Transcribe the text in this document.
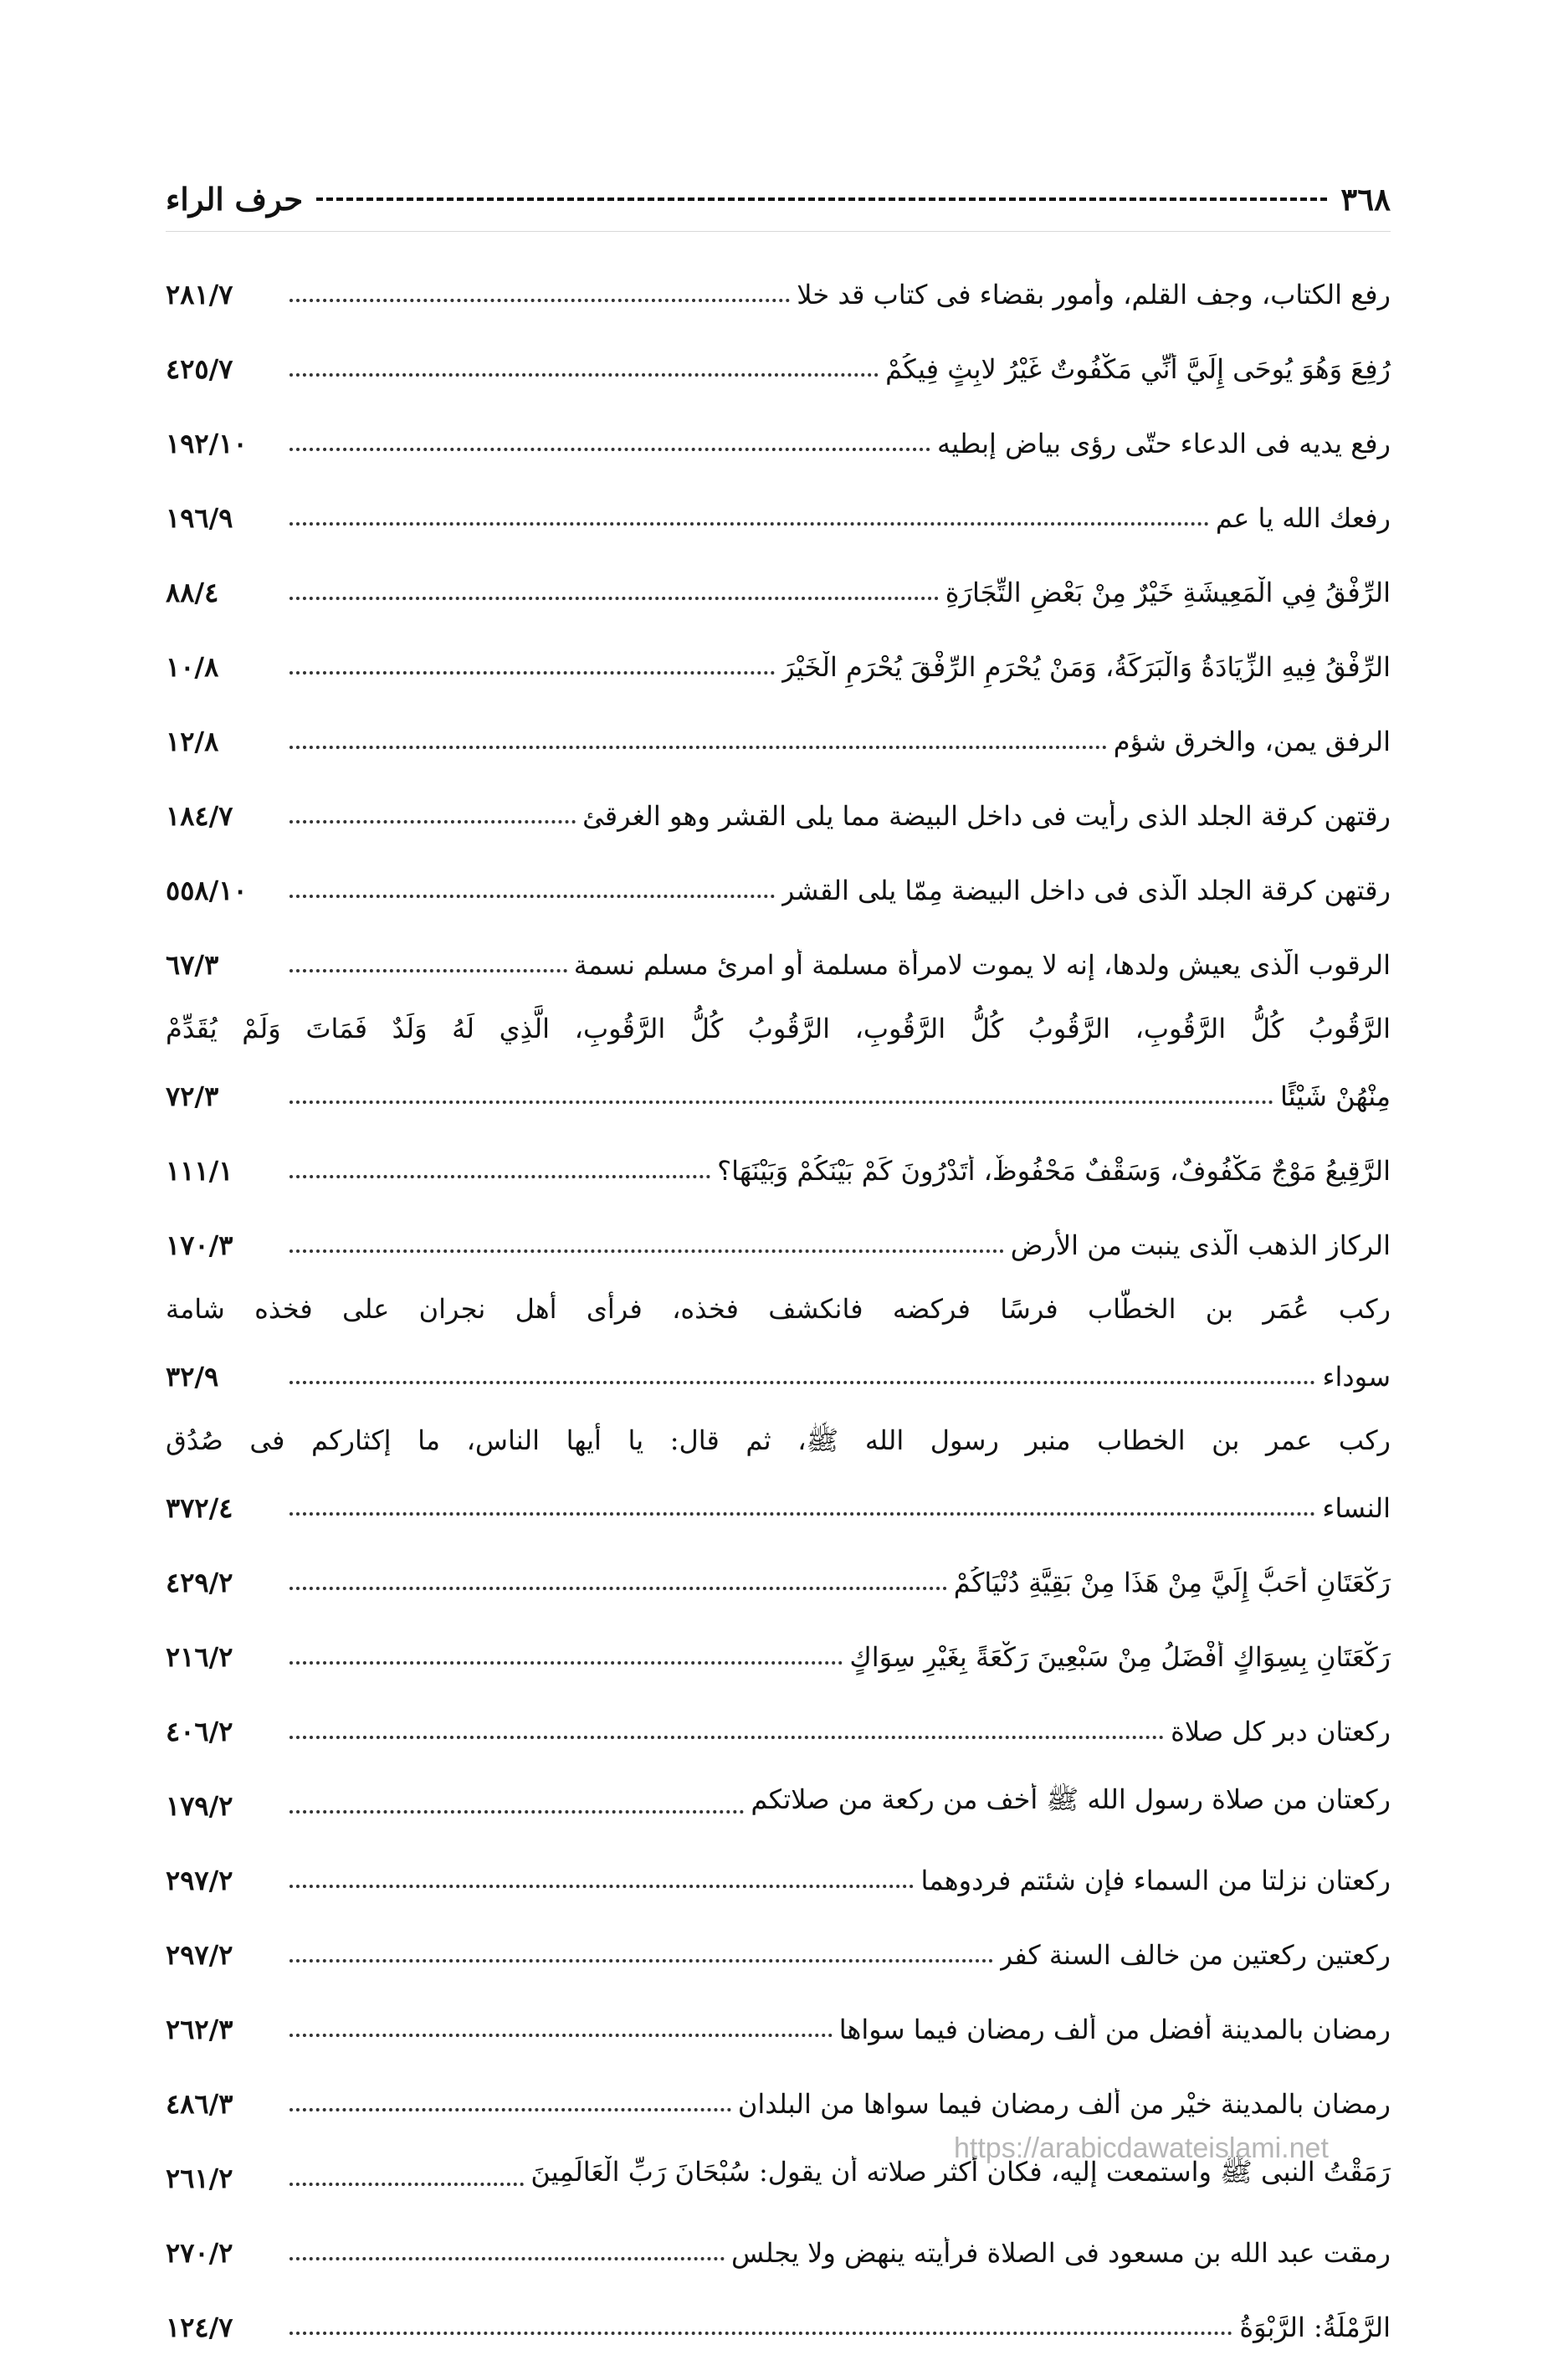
٣٦٨
حرف الراء
رفع الكتاب، وجف القلم، وأمور بقضاء فى كتاب قد خلا
٢٨١/٧
رُفِعَ وَهُوَ يُوحَى إِلَيَّ أَنِّي مَكْفُوتٌ غَيْرُ لابِثٍ فِيكُمْ
٤٢٥/٧
رفع يديه فى الدعاء حتّى رؤى بياض إبطيه
١٩٢/١٠
رفعك الله يا عم
١٩٦/٩
الرِّفْقُ فِي الْمَعِيشَةِ خَيْرٌ مِنْ بَعْضِ التِّجَارَةِ
٨٨/٤
الرِّفْقُ فِيهِ الزِّيَادَةُ وَالْبَرَكَةُ، وَمَنْ يُحْرَمِ الرِّفْقَ يُحْرَمِ الْخَيْرَ
١٠/٨
الرفق يمن، والخرق شؤم
١٢/٨
رقتهن كرقة الجلد الذى رأيت فى داخل البيضة مما يلى القشر وهو الغرقئ
١٨٤/٧
رقتهن كرقة الجلد الّذى فى داخل البيضة مِمّا يلى القشر
٥٥٨/١٠
الرقوب الّذى يعيش ولدها، إنه لا يموت لامرأة مسلمة أو امرئ مسلم نسمة
٦٧/٣
الرَّقُوبُ كُلُّ الرَّقُوبِ، الرَّقُوبُ كُلُّ الرَّقُوبِ، الرَّقُوبُ كُلُّ الرَّقُوبِ، الَّذِي لَهُ وَلَدٌ فَمَاتَ وَلَمْ يُقَدِّمْ
مِنْهُنْ شَيْئًا
٧٢/٣
الرَّقِيعُ مَوْجٌ مَكْفُوفٌ، وَسَقْفٌ مَحْفُوظٌ، أَتَدْرُونَ كَمْ بَيْنَكُمْ وَبَيْنَهَا؟
١١١/١
الركاز الذهب الّذى ينبت من الأرض
١٧٠/٣
ركب عُمَر بن الخطّاب فرسًا فركضه فانكشف فخذه، فرأى أهل نجران على فخذه شامة
سوداء
٣٢/٩
ركب عمر بن الخطاب منبر رسول الله ﷺ، ثم قال: يا أيها الناس، ما إكثاركم فى صُدُق
النساء
٣٧٢/٤
رَكْعَتَانِ أَحَبُّ إِلَيَّ مِنْ هَذَا مِنْ بَقِيَّةِ دُنْيَاكُمْ
٤٢٩/٢
رَكْعَتَانِ بِسِوَاكٍ أَفْضَلُ مِنْ سَبْعِينَ رَكْعَةً بِغَيْرِ سِوَاكٍ
٢١٦/٢
ركعتان دبر كل صلاة
٤٠٦/٢
ركعتان من صلاة رسول الله ﷺ أخف من ركعة من صلاتكم
١٧٩/٢
ركعتان نزلتا من السماء فإن شئتم فردوهما
٢٩٧/٢
ركعتين ركعتين من خالف السنة كفر
٢٩٧/٢
رمضان بالمدينة أفضل من ألف رمضان فيما سواها
٢٦٢/٣
رمضان بالمدينة خيْر من ألف رمضان فيما سواها من البلدان
٤٨٦/٣
رَمَقْتُ النبى ﷺ واستمعت إليه، فكان أكثر صلاته أن يقول: سُبْحَانَ رَبِّ الْعَالَمِينَ
٢٦١/٢
رمقت عبد الله بن مسعود فى الصلاة فرأيته ينهض ولا يجلس
٢٧٠/٢
الرَّمْلَةُ: الرَّبْوَةُ
١٢٤/٧
https://arabicdawateislami.net
